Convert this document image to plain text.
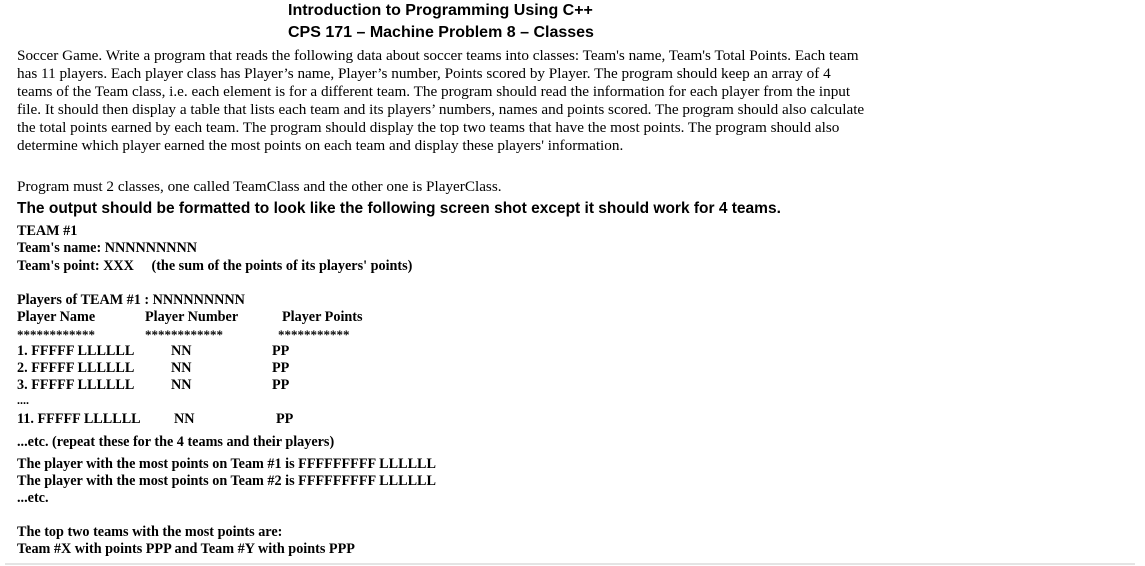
Introduction to Programming Using C++
CPS 171 – Machine Problem 8 – Classes
Soccer Game. Write a program that reads the following data about soccer teams into classes: Team's name, Team's Total Points. Each team has 11 players. Each player class has Player’s name, Player’s number, Points scored by Player. The program should keep an array of 4 teams of the Team class, i.e. each element is for a different team. The program should read the information for each player from the input file. It should then display a table that lists each team and its players’ numbers, names and points scored. The program should also calculate the total points earned by each team. The program should display the top two teams that have the most points. The program should also determine which player earned the most points on each team and display these players' information.
Program must 2 classes, one called TeamClass and the other one is PlayerClass.
The output should be formatted to look like the following screen shot except it should work for 4 teams.
TEAM #1
Team's name: NNNNNNNNN
Team's point: XXX (the sum of the points of its players' points)
Players of TEAM #1 : NNNNNNNNN
Player Name	Player Number	Player Points
************	************	***********
1. FFFFF LLLLLL	NN	PP
2. FFFFF LLLLLL	NN	PP
3. FFFFF LLLLLL	NN	PP
....
11. FFFFF LLLLLL NN	PP
...etc. (repeat these for the 4 teams and their players)
The player with the most points on Team #1 is FFFFFFFFF LLLLLL
The player with the most points on Team #2 is FFFFFFFFF LLLLLL
...etc.
The top two teams with the most points are:
Team #X with points PPP and Team #Y with points PPP
